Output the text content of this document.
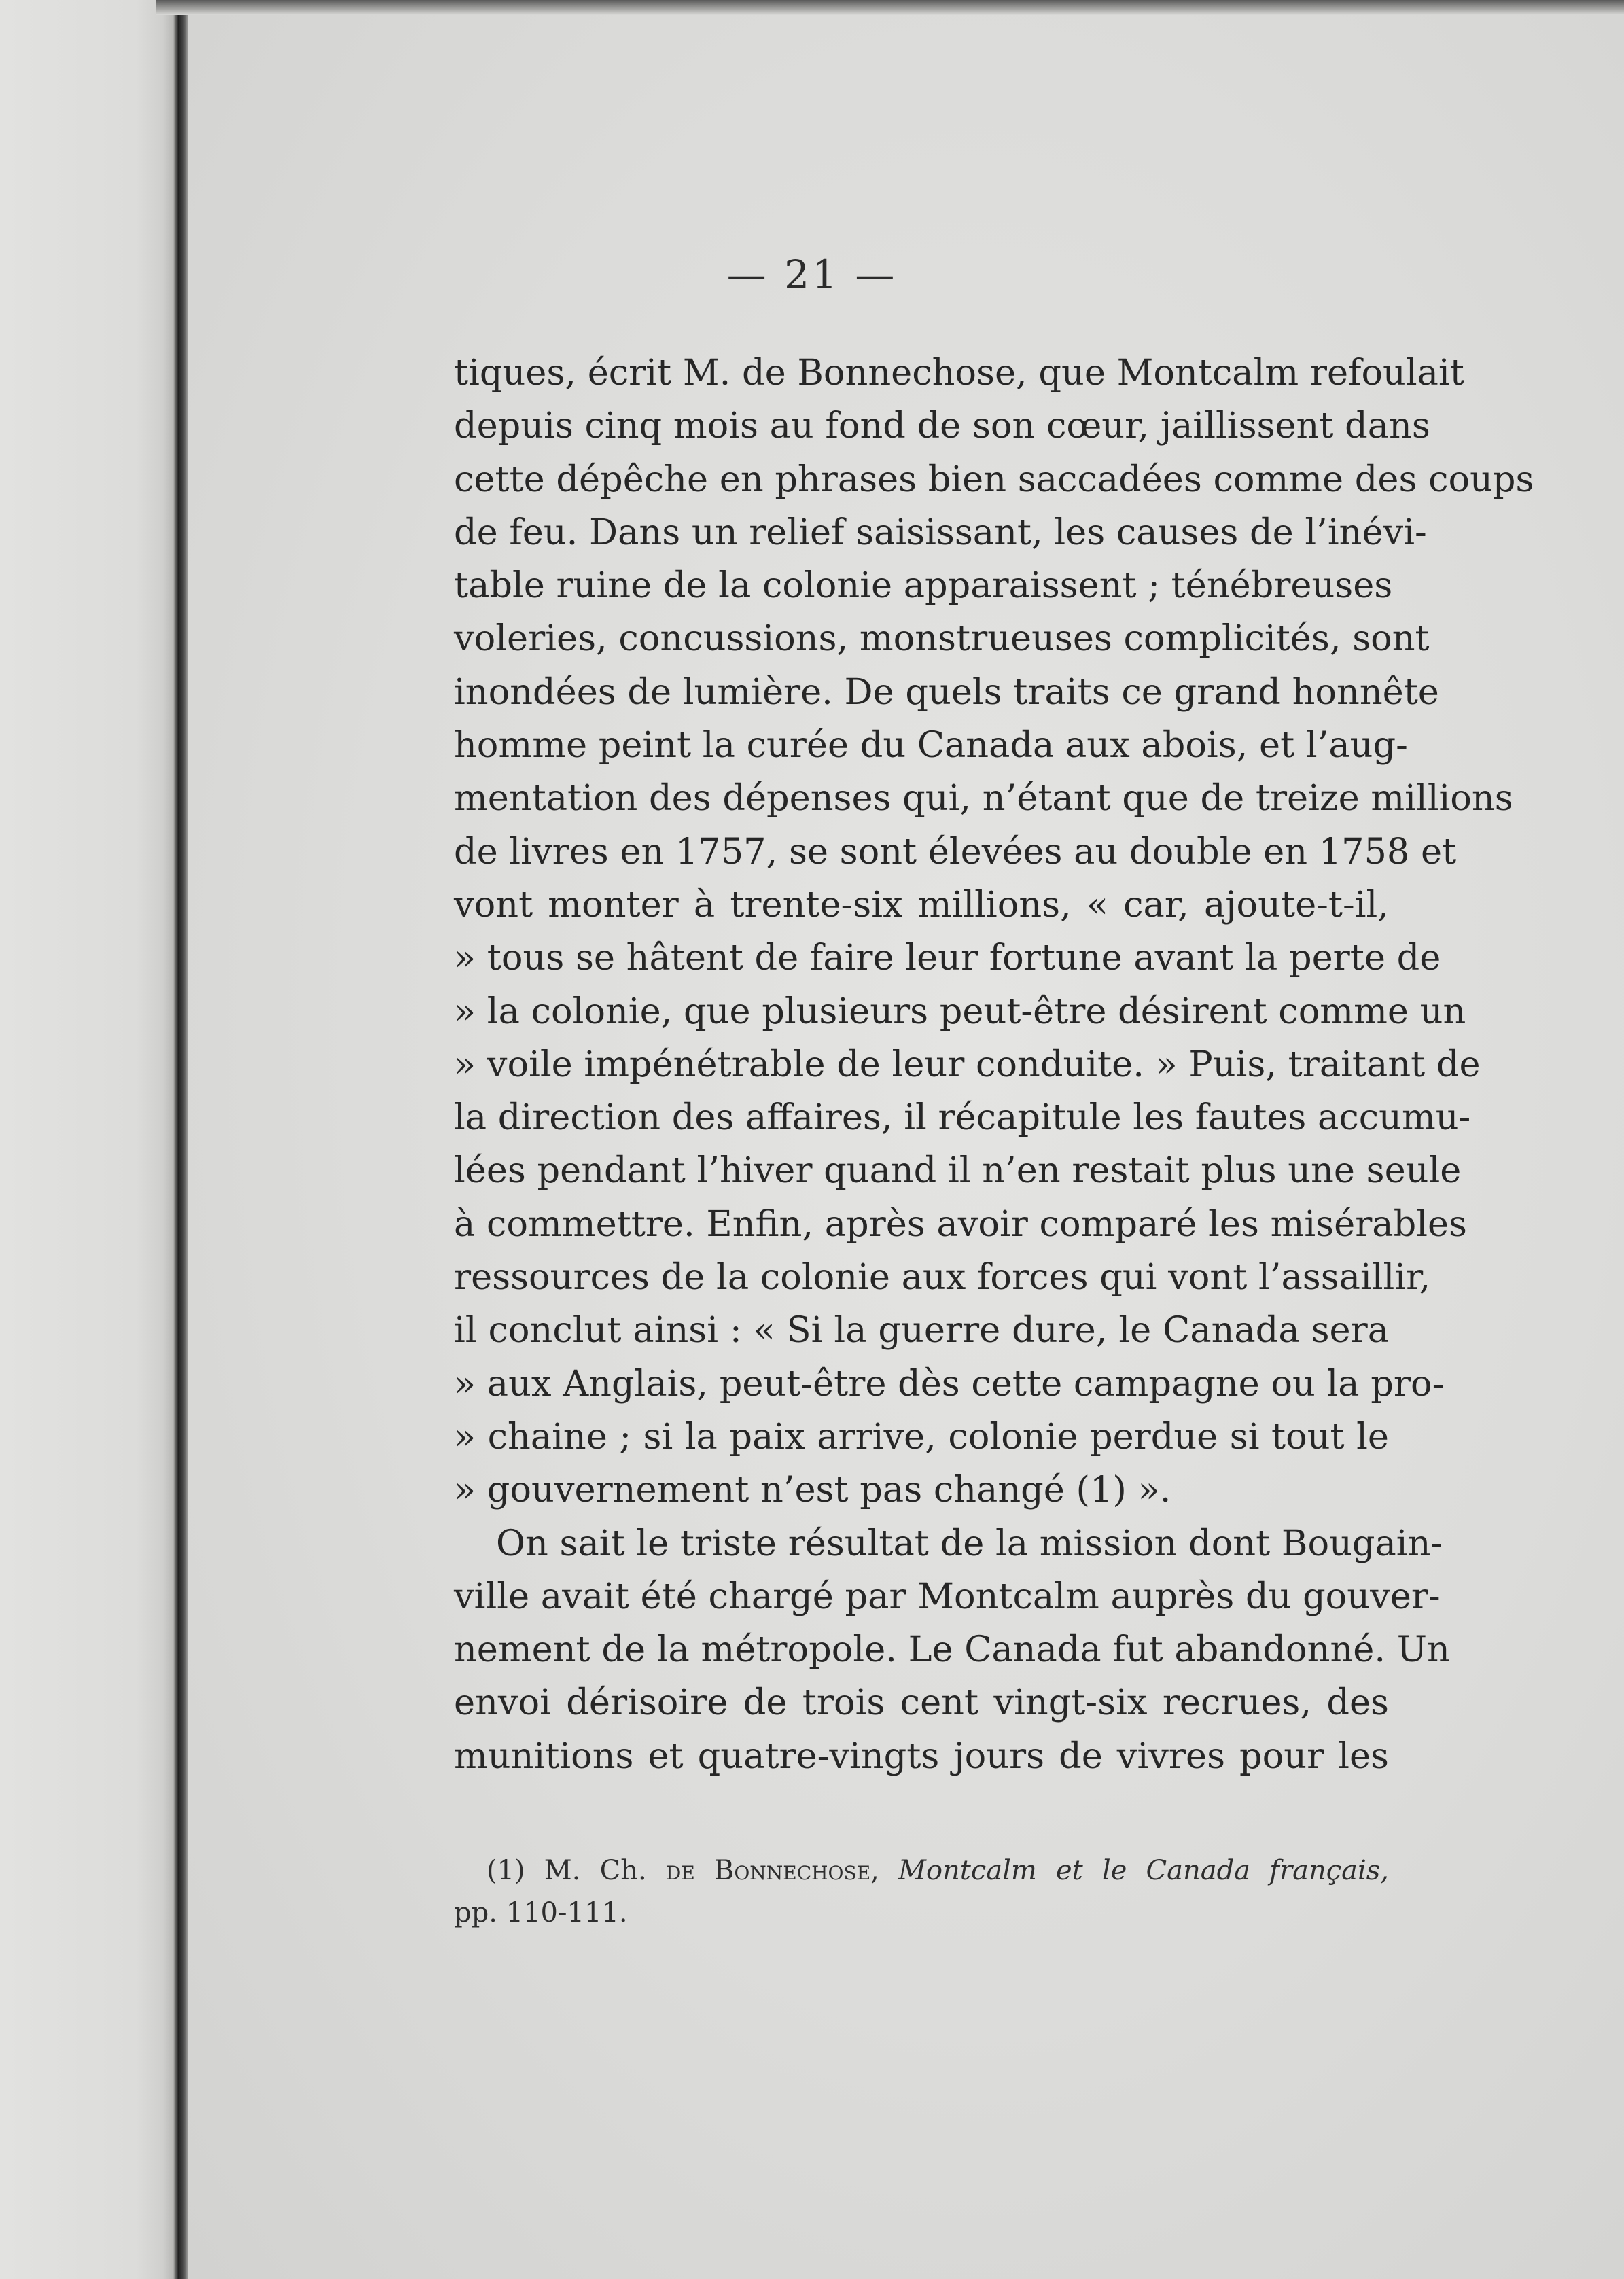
— 21 —
tiques, écrit M. de Bonnechose, que Montcalm refoulait
depuis cinq mois au fond de son cœur, jaillissent dans
cette dépêche en phrases bien saccadées comme des coups
de feu. Dans un relief saisissant, les causes de l’inévi-
table ruine de la colonie apparaissent ; ténébreuses
voleries, concussions, monstrueuses complicités, sont
inondées de lumière. De quels traits ce grand honnête
homme peint la curée du Canada aux abois, et l’aug-
mentation des dépenses qui, n’étant que de treize millions
de livres en 1757, se sont élevées au double en 1758 et
vont monter à trente-six millions, « car, ajoute-t-il,
» tous se hâtent de faire leur fortune avant la perte de
» la colonie, que plusieurs peut-être désirent comme un
» voile impénétrable de leur conduite. » Puis, traitant de
la direction des affaires, il récapitule les fautes accumu-
lées pendant l’hiver quand il n’en restait plus une seule
à commettre. Enfin, après avoir comparé les misérables
ressources de la colonie aux forces qui vont l’assaillir,
il conclut ainsi : « Si la guerre dure, le Canada sera
» aux Anglais, peut-être dès cette campagne ou la pro-
» chaine ; si la paix arrive, colonie perdue si tout le
» gouvernement n’est pas changé (1) ».
On sait le triste résultat de la mission dont Bougain-
ville avait été chargé par Montcalm auprès du gouver-
nement de la métropole. Le Canada fut abandonné. Un
envoi dérisoire de trois cent vingt-six recrues, des
munitions et quatre-vingts jours de vivres pour les
(1) M. Ch. de Bonnechose, Montcalm et le Canada français,
pp. 110-111.
